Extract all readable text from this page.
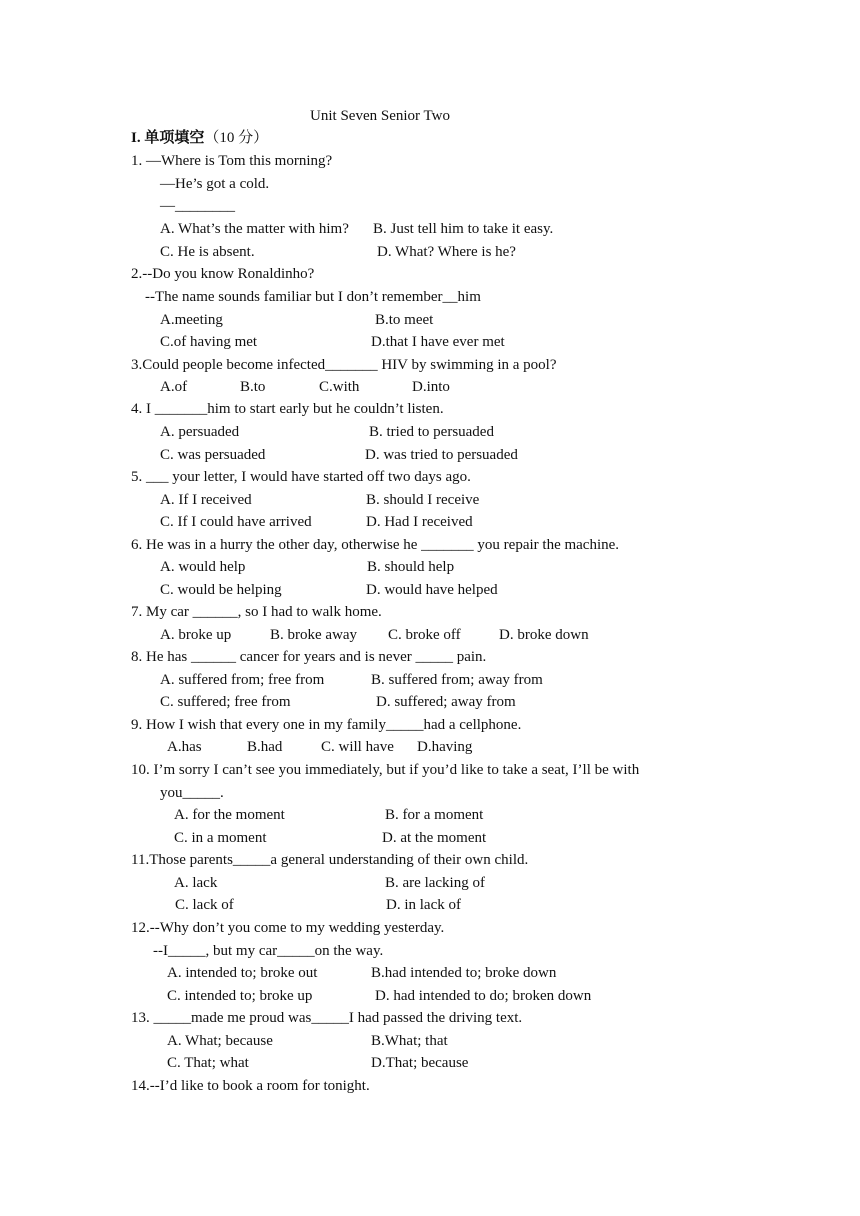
Unit Seven Senior Two
I. 单项填空（10 分）
1. —Where is Tom this morning?
—He’s got a cold.
—________
A. What’s the matter with him? B. Just tell him to take it easy.
C. He is absent.	D. What? Where is he?
2.--Do you know Ronaldinho?
--The name sounds familiar but I don’t remember__him
A.meeting	B.to meet
C.of having met	D.that I have ever met
3.Could people become infected_______ HIV by swimming in a pool?
A.of	B.to	C.with	D.into
4. I _______him to start early but he couldn’t listen.
A. persuaded	B. tried to persuaded
C. was persuaded	D. was tried to persuaded
5. ___ your letter, I would have started off two days ago.
A. If I received	B. should I receive
C. If I could have arrived	D. Had I received
6. He was in a hurry the other day, otherwise he _______ you repair the machine.
A. would help	B. should help
C. would be helping	D. would have helped
7. My car ______, so I had to walk home.
A. broke up	B. broke away C. broke off	D. broke down
8. He has ______ cancer for years and is never _____ pain.
A. suffered from; free from	B. suffered from; away from
C. suffered; free from	D. suffered; away from
9. How I wish that every one in my family_____had a cellphone.
A.has	B.had	C. will have D.having
10. I’m sorry I can’t see you immediately, but if you’d like to take a seat, I’ll be with
you_____.
A. for the moment	B. for a moment
C. in a moment	D. at the moment
11.Those parents_____a general understanding of their own child.
A. lack	B. are lacking of
C. lack of	D. in lack of
12.--Why don’t you come to my wedding yesterday.
--I_____, but my car_____on the way.
A. intended to; broke out	B.had intended to; broke down
C. intended to; broke up	D. had intended to do; broken down
13. _____made me proud was_____I had passed the driving text.
A. What; because	B.What; that
C. That; what	D.That; because
14.--I’d like to book a room for tonight.
